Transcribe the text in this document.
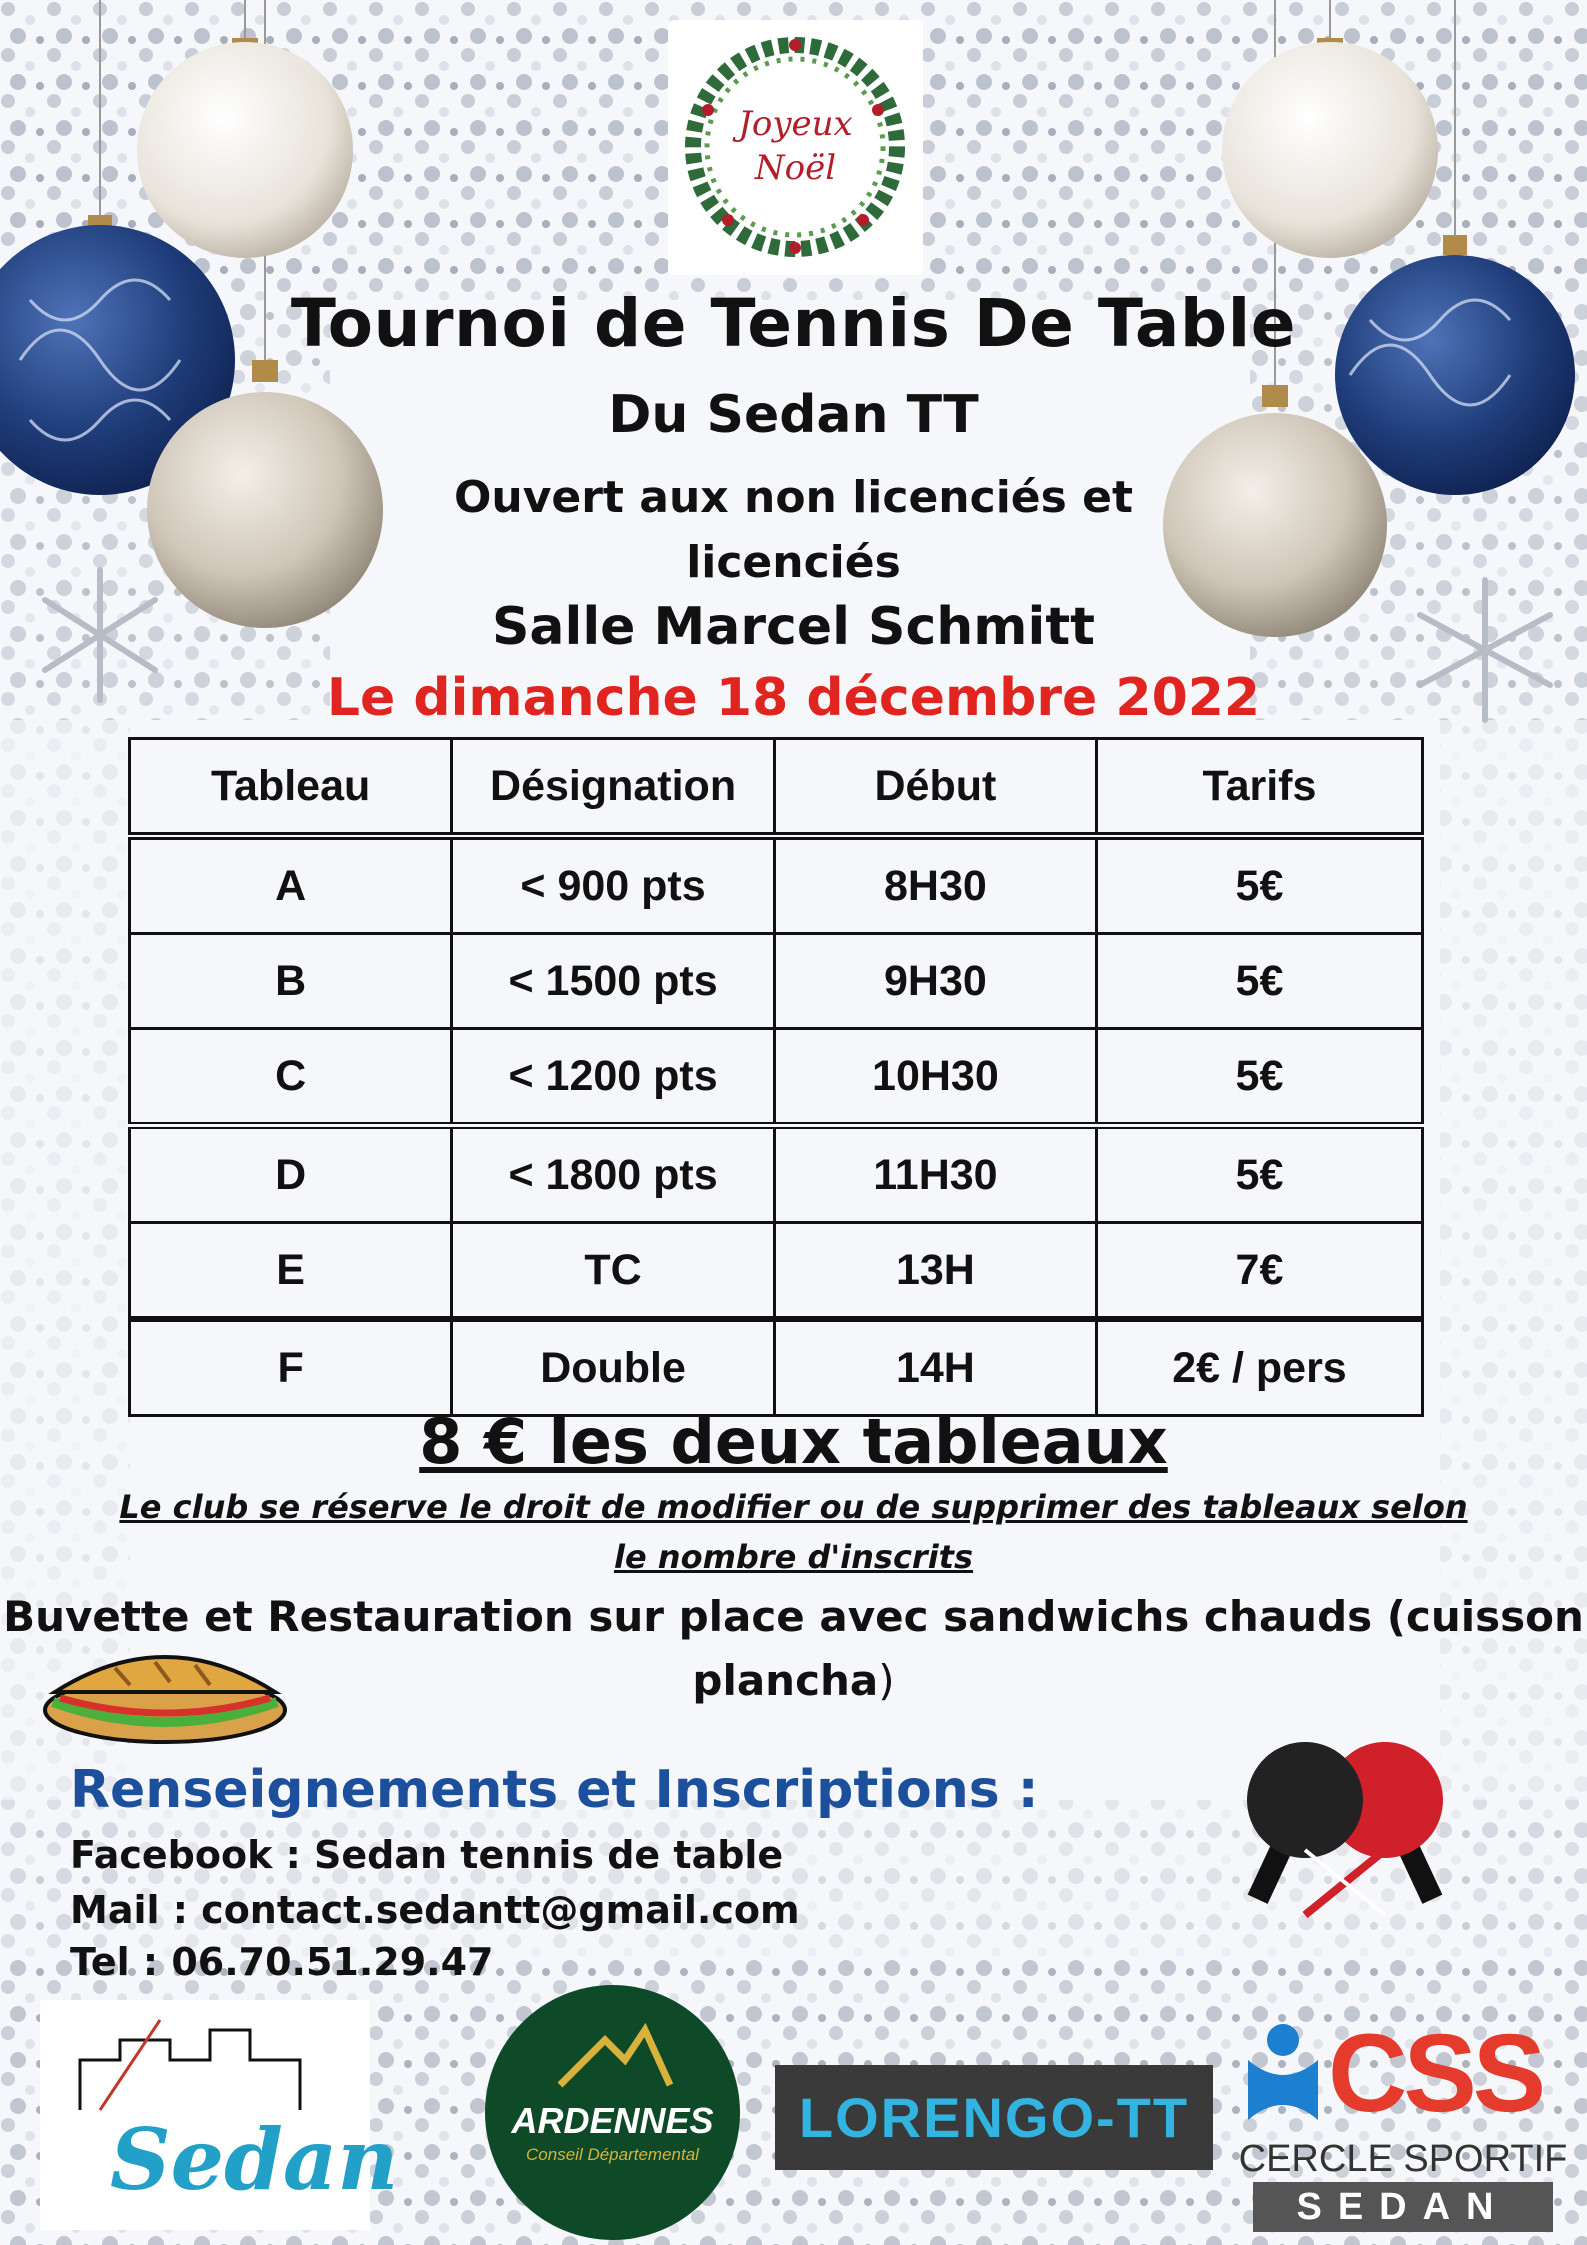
Joyeux
Noël
Tournoi de Tennis De Table
Du Sedan TT
Ouvert aux non licenciés et
licenciés
Salle Marcel Schmitt
Le dimanche 18 décembre 2022
Tableau	Désignation	Début	Tarifs
A	< 900 pts	8H30	5€
B	< 1500 pts	9H30	5€
C	< 1200 pts	10H30	5€
D	< 1800 pts	11H30	5€
E	TC	13H	7€
F	Double	14H	2€ / pers
8 € les deux tableaux
Le club se réserve le droit de modifier ou de supprimer des tableaux selon
le nombre d'inscrits
Buvette et Restauration sur place avec sandwichs chauds (cuisson
plancha)
Renseignements et Inscriptions :
Facebook : Sedan tennis de table
Mail : contact.sedantt@gmail.com
Tel : 06.70.51.29.47
Sedan	ARDENNES
Conseil Départemental
LORENGO-TT CSS
CERCLE SPORTIF
SEDAN
